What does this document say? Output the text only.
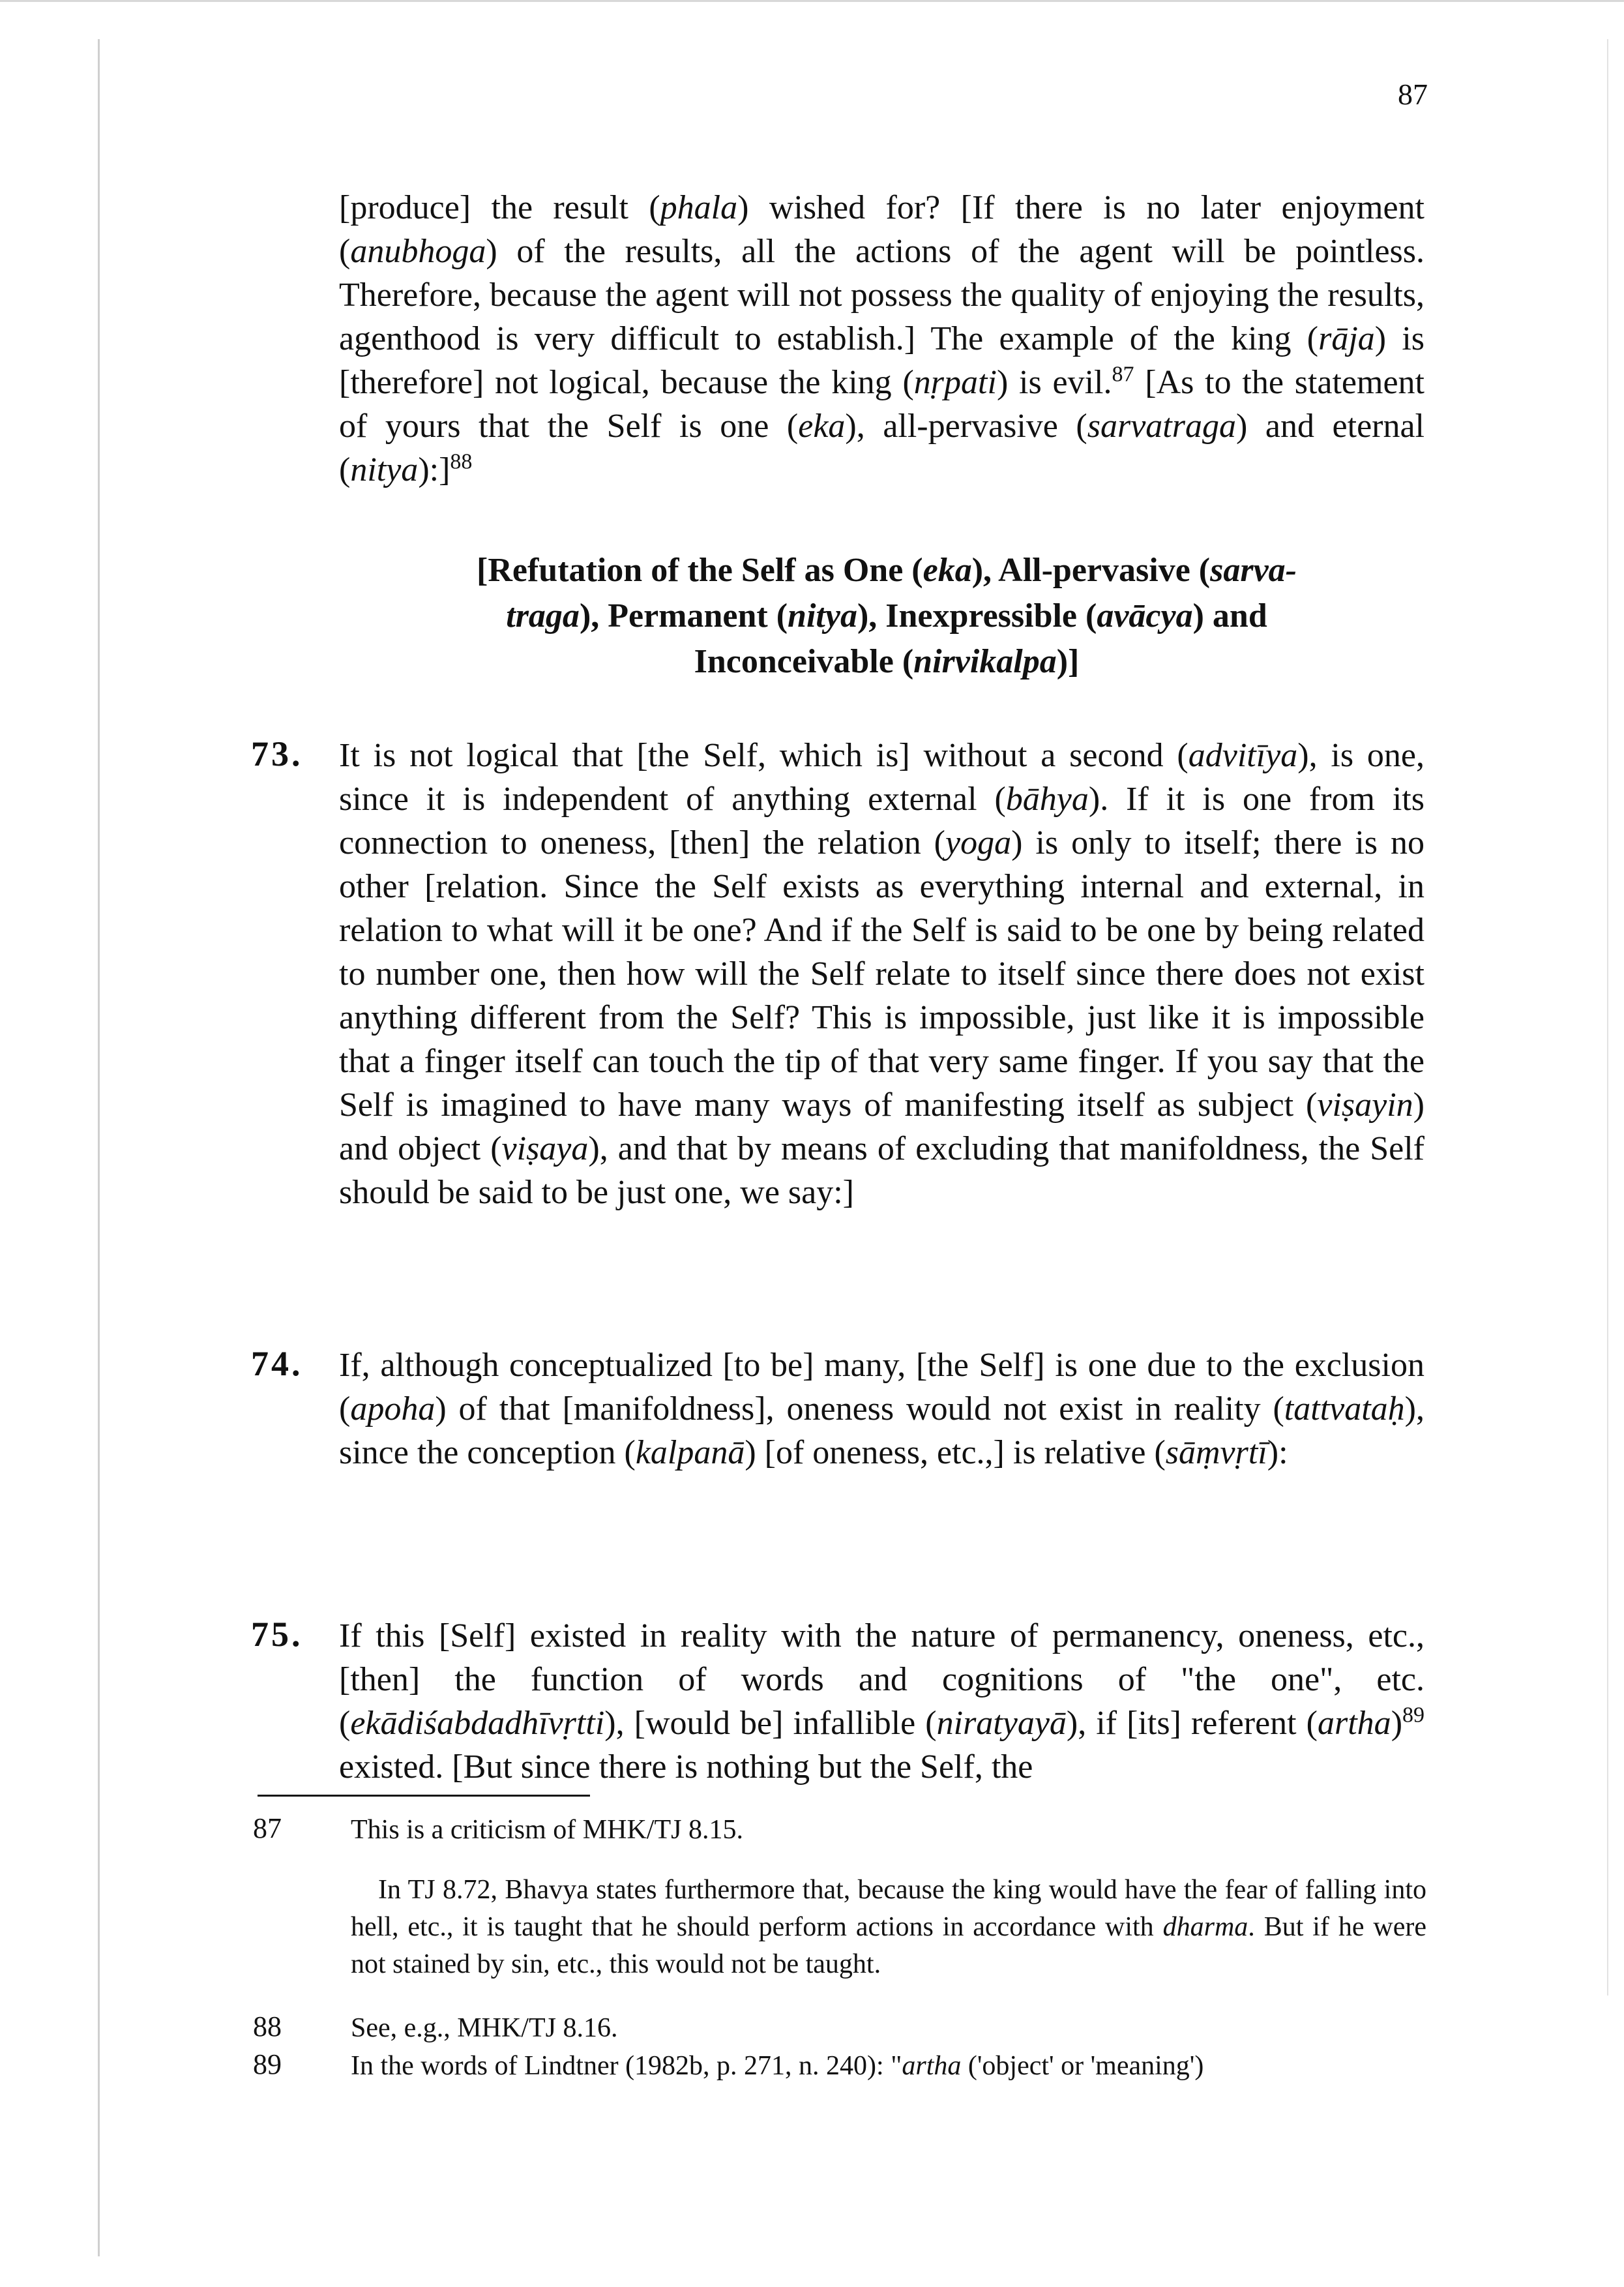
87

[produce] the result (phala) wished for? [If there is no later enjoyment (anubhoga) of the results, all the actions of the agent will be pointless. Therefore, because the agent will not possess the quality of enjoying the results, agenthood is very difficult to establish.] The example of the king (rāja) is [therefore] not logical, because the king (nṛpati) is evil.$^{87}$ [As to the statement of yours that the Self is one (eka), all-pervasive (sarvatraga) and eternal (nitya):]$^{88}$

[Refutation of the Self as One (eka), All-pervasive (sarva-
traga), Permanent (nitya), Inexpressible (avācya) and
Inconceivable (nirvikalpa)]
73. It is not logical that [the Self, which is] without a second (advitīya), is one, since it is independent of anything external (bāhya). If it is one from its connection to oneness, [then] the relation (yoga) is only to itself; there is no other [relation. Since the Self exists as everything internal and external, in relation to what will it be one? And if the Self is said to be one by being related to number one, then how will the Self relate to itself since there does not exist anything different from the Self? This is impossible, just like it is impossible that a finger itself can touch the tip of that very same finger. If you say that the Self is imagined to have many ways of manifesting itself as subject (viṣayin) and object (viṣaya), and that by means of excluding that manifoldness, the Self should be said to be just one, we say:]

74. If, although conceptualized [to be] many, [the Self] is one due to the exclusion (apoha) of that [manifoldness], oneness would not exist in reality (tattvataḥ), since the conception (kalpanā) [of oneness, etc.,] is relative (sāṃvṛtī):

75. If this [Self] existed in reality with the nature of permanency, oneness, etc., [then] the function of words and cognitions of "the one", etc. (ekādiśabdadhīvṛtti), [would be] infallible (niratyayā), if [its] referent (artha)$^{89}$ existed. [But since there is nothing but the Self, the

87	This is a criticism of MHK/TJ 8.15.
In TJ 8.72, Bhavya states furthermore that, because the king would have the fear of falling into hell, etc., it is taught that he should perform actions in accordance with dharma. But if he were not stained by sin, etc., this would not be taught.
88	See, e.g., MHK/TJ 8.16.
89	In the words of Lindtner (1982b, p. 271, n. 240): "artha ('object' or 'meaning')
